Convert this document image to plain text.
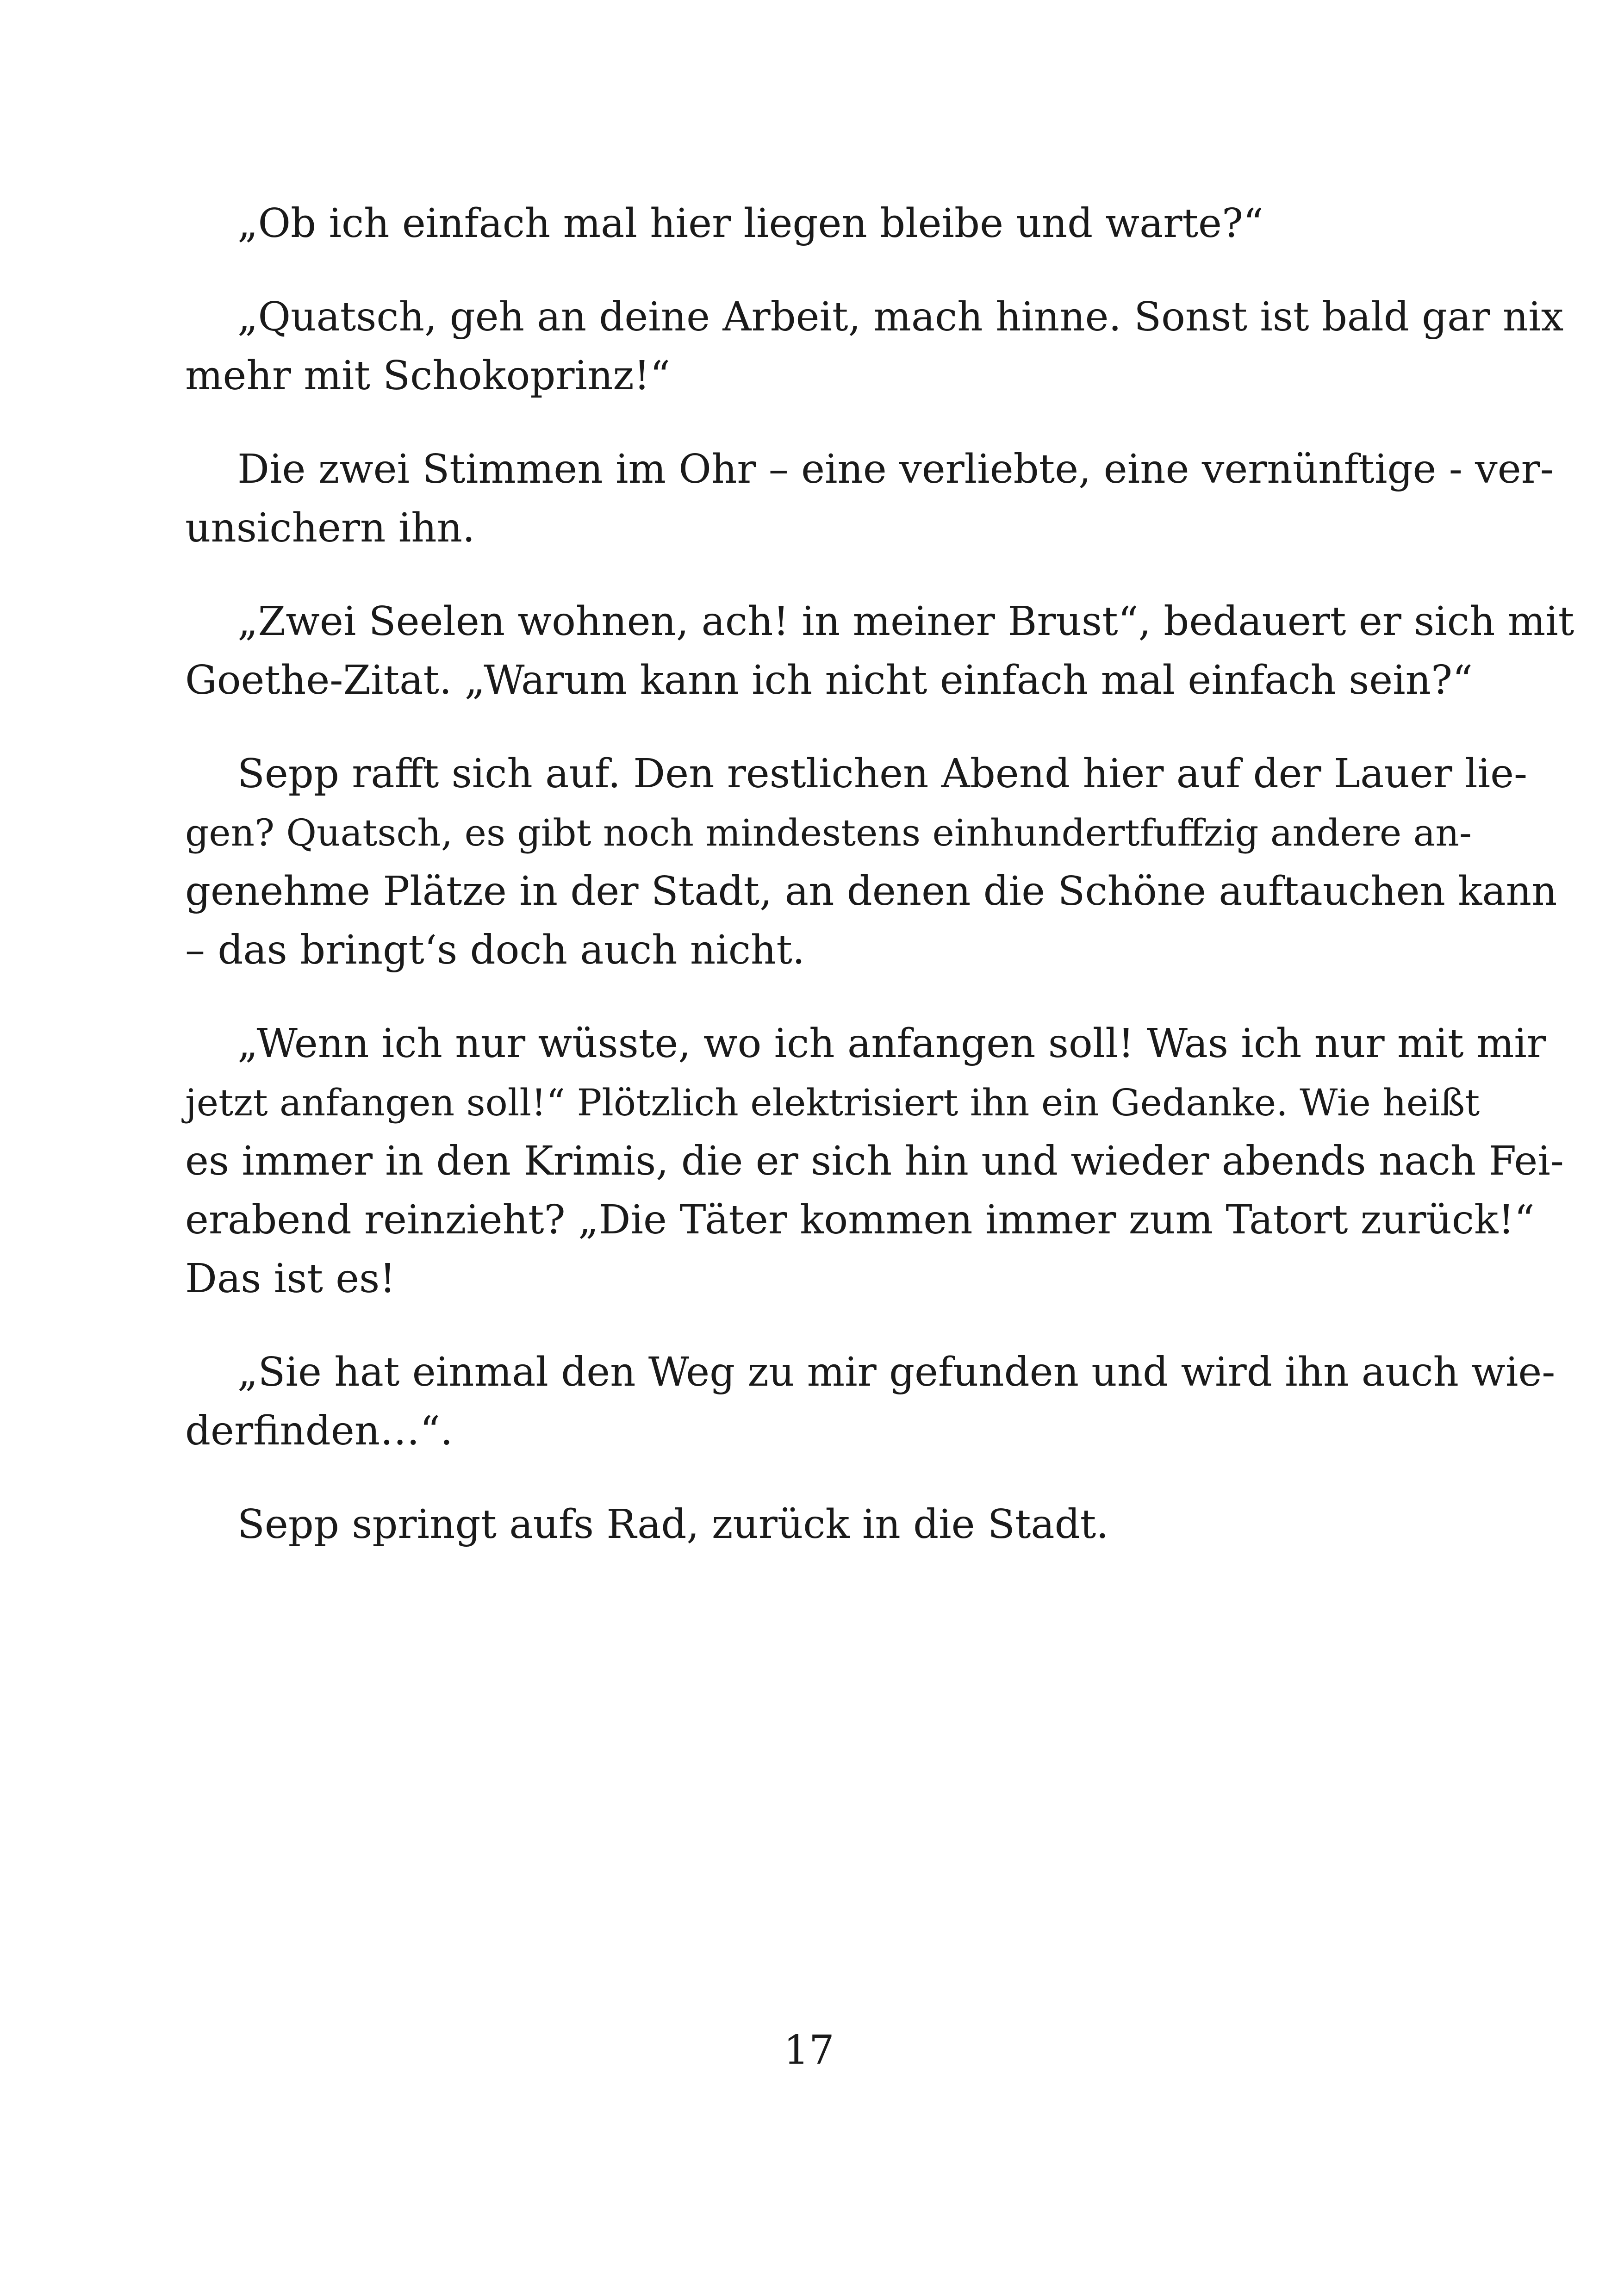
„Ob ich einfach mal hier liegen bleibe und warte?“
„Quatsch, geh an deine Arbeit, mach hinne. Sonst ist bald gar nix
mehr mit Schokoprinz!“
Die zwei Stimmen im Ohr – eine verliebte, eine vernünftige - ver-
unsichern ihn.
„Zwei Seelen wohnen, ach! in meiner Brust“, bedauert er sich mit
Goethe-Zitat. „Warum kann ich nicht einfach mal einfach sein?“
Sepp rafft sich auf. Den restlichen Abend hier auf der Lauer lie-
gen? Quatsch, es gibt noch mindestens einhundertfuffzig andere an-
genehme Plätze in der Stadt, an denen die Schöne auftauchen kann
– das bringt‘s doch auch nicht.
„Wenn ich nur wüsste, wo ich anfangen soll! Was ich nur mit mir
jetzt anfangen soll!“ Plötzlich elektrisiert ihn ein Gedanke. Wie heißt
es immer in den Krimis, die er sich hin und wieder abends nach Fei-
erabend reinzieht? „Die Täter kommen immer zum Tatort zurück!“
Das ist es!
„Sie hat einmal den Weg zu mir gefunden und wird ihn auch wie-
derfinden…“.
Sepp springt aufs Rad, zurück in die Stadt.
17
